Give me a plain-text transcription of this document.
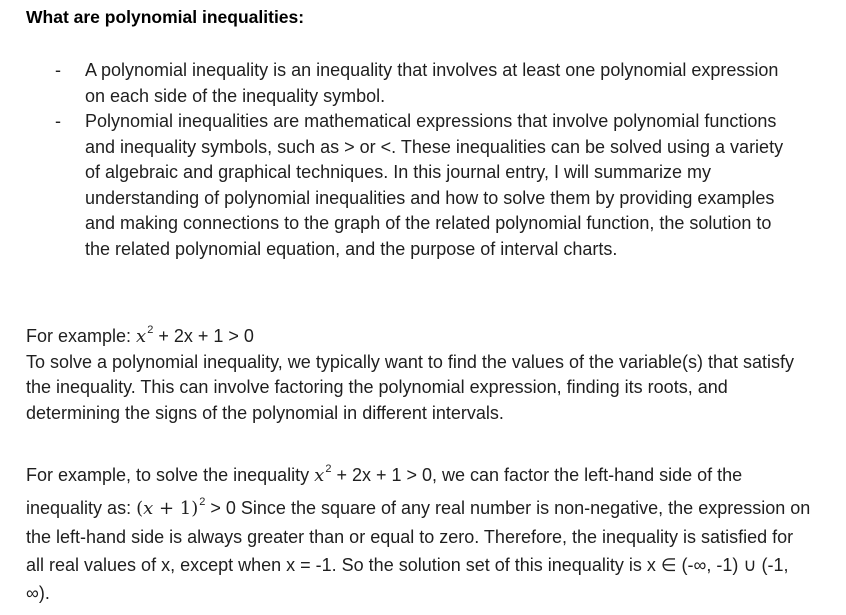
What are polynomial inequalities:
- A polynomial inequality is an inequality that involves at least one polynomial expression on each side of the inequality symbol.
- Polynomial inequalities are mathematical expressions that involve polynomial functions and inequality symbols, such as > or <. These inequalities can be solved using a variety of algebraic and graphical techniques. In this journal entry, I will summarize my understanding of polynomial inequalities and how to solve them by providing examples and making connections to the graph of the related polynomial function, the solution to the related polynomial equation, and the purpose of interval charts.
For example: $x^2 + 2x + 1 > 0$
To solve a polynomial inequality, we typically want to find the values of the variable(s) that satisfy the inequality. This can involve factoring the polynomial expression, finding its roots, and determining the signs of the polynomial in different intervals.
For example, to solve the inequality $x^2 + 2x + 1 > 0$, we can factor the left-hand side of the inequality as: $(x + 1)^2 > 0$ Since the square of any real number is non-negative, the expression on the left-hand side is always greater than or equal to zero. Therefore, the inequality is satisfied for all real values of x, except when x = -1. So the solution set of this inequality is x ∈ (-∞, -1) ∪ (-1, ∞).
